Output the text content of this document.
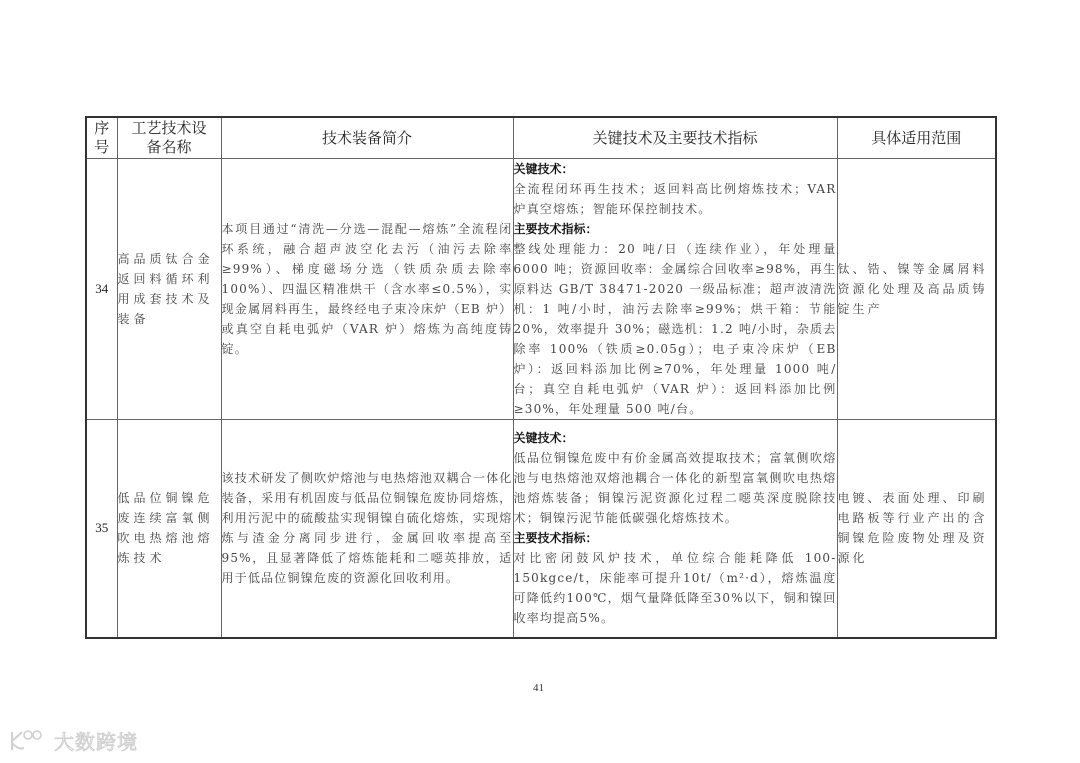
序号	工艺技术设备名称	技术装备简介	关键技术及主要技术指标	具体适用范围
34	高品质钛合金返回料循环利用成套技术及装备	本项目通过“清洗—分选—混配—熔炼”全流程闭环系统，融合超声波空化去污（油污去除率≥99%）、梯度磁场分选（铁质杂质去除率 100%）、四温区精准烘干（含水率≤0.5%），实现金属屑料再生，最终经电子束冷床炉（EB 炉）或真空自耗电弧炉（VAR 炉）熔炼为高纯度铸锭。	关键技术：
全流程闭环再生技术；返回料高比例熔炼技术；VAR 炉真空熔炼；智能环保控制技术。
主要技术指标：
整线处理能力：20 吨/日（连续作业），年处理量 6000 吨；资源回收率：金属综合回收率≥98%，再生原料达 GB/T 38471-2020 一级品标准；超声波清洗机：1 吨/小时，油污去除率≥99%；烘干箱：节能 20%，效率提升 30%；磁选机：1.2 吨/小时，杂质去除率 100%（铁质≥0.05g）；电子束冷床炉（EB 炉）：返回料添加比例≥70%，年处理量 1000 吨/台；真空自耗电弧炉（VAR 炉）：返回料添加比例≥30%，年处理量 500 吨/台。	钛、锆、镍等金属屑料资源化处理及高品质铸锭生产
35	低品位铜镍危废连续富氧侧吹电热熔池熔炼技术	该技术研发了侧吹炉熔池与电热熔池双耦合一体化装备，采用有机固废与低品位铜镍危废协同熔炼，利用污泥中的硫酸盐实现铜镍自硫化熔炼，实现熔炼与渣金分离同步进行，金属回收率提高至 95%，且显著降低了熔炼能耗和二噁英排放，适用于低品位铜镍危废的资源化回收利用。	关键技术：
低品位铜镍危废中有价金属高效提取技术；富氧侧吹熔池与电热熔池双熔池耦合一体化的新型富氧侧吹电热熔池熔炼装备；铜镍污泥资源化过程二噁英深度脱除技术；铜镍污泥节能低碳强化熔炼技术。
主要技术指标：
对比密闭鼓风炉技术，单位综合能耗降低 100-150kgce/t，床能率可提升10t/（m²·d），熔炼温度可降低约100℃，烟气量降低降至30%以下，铜和镍回收率均提高5%。	电镀、表面处理、印刷电路板等行业产出的含铜镍危险废物处理及资源化
41
大数跨境
